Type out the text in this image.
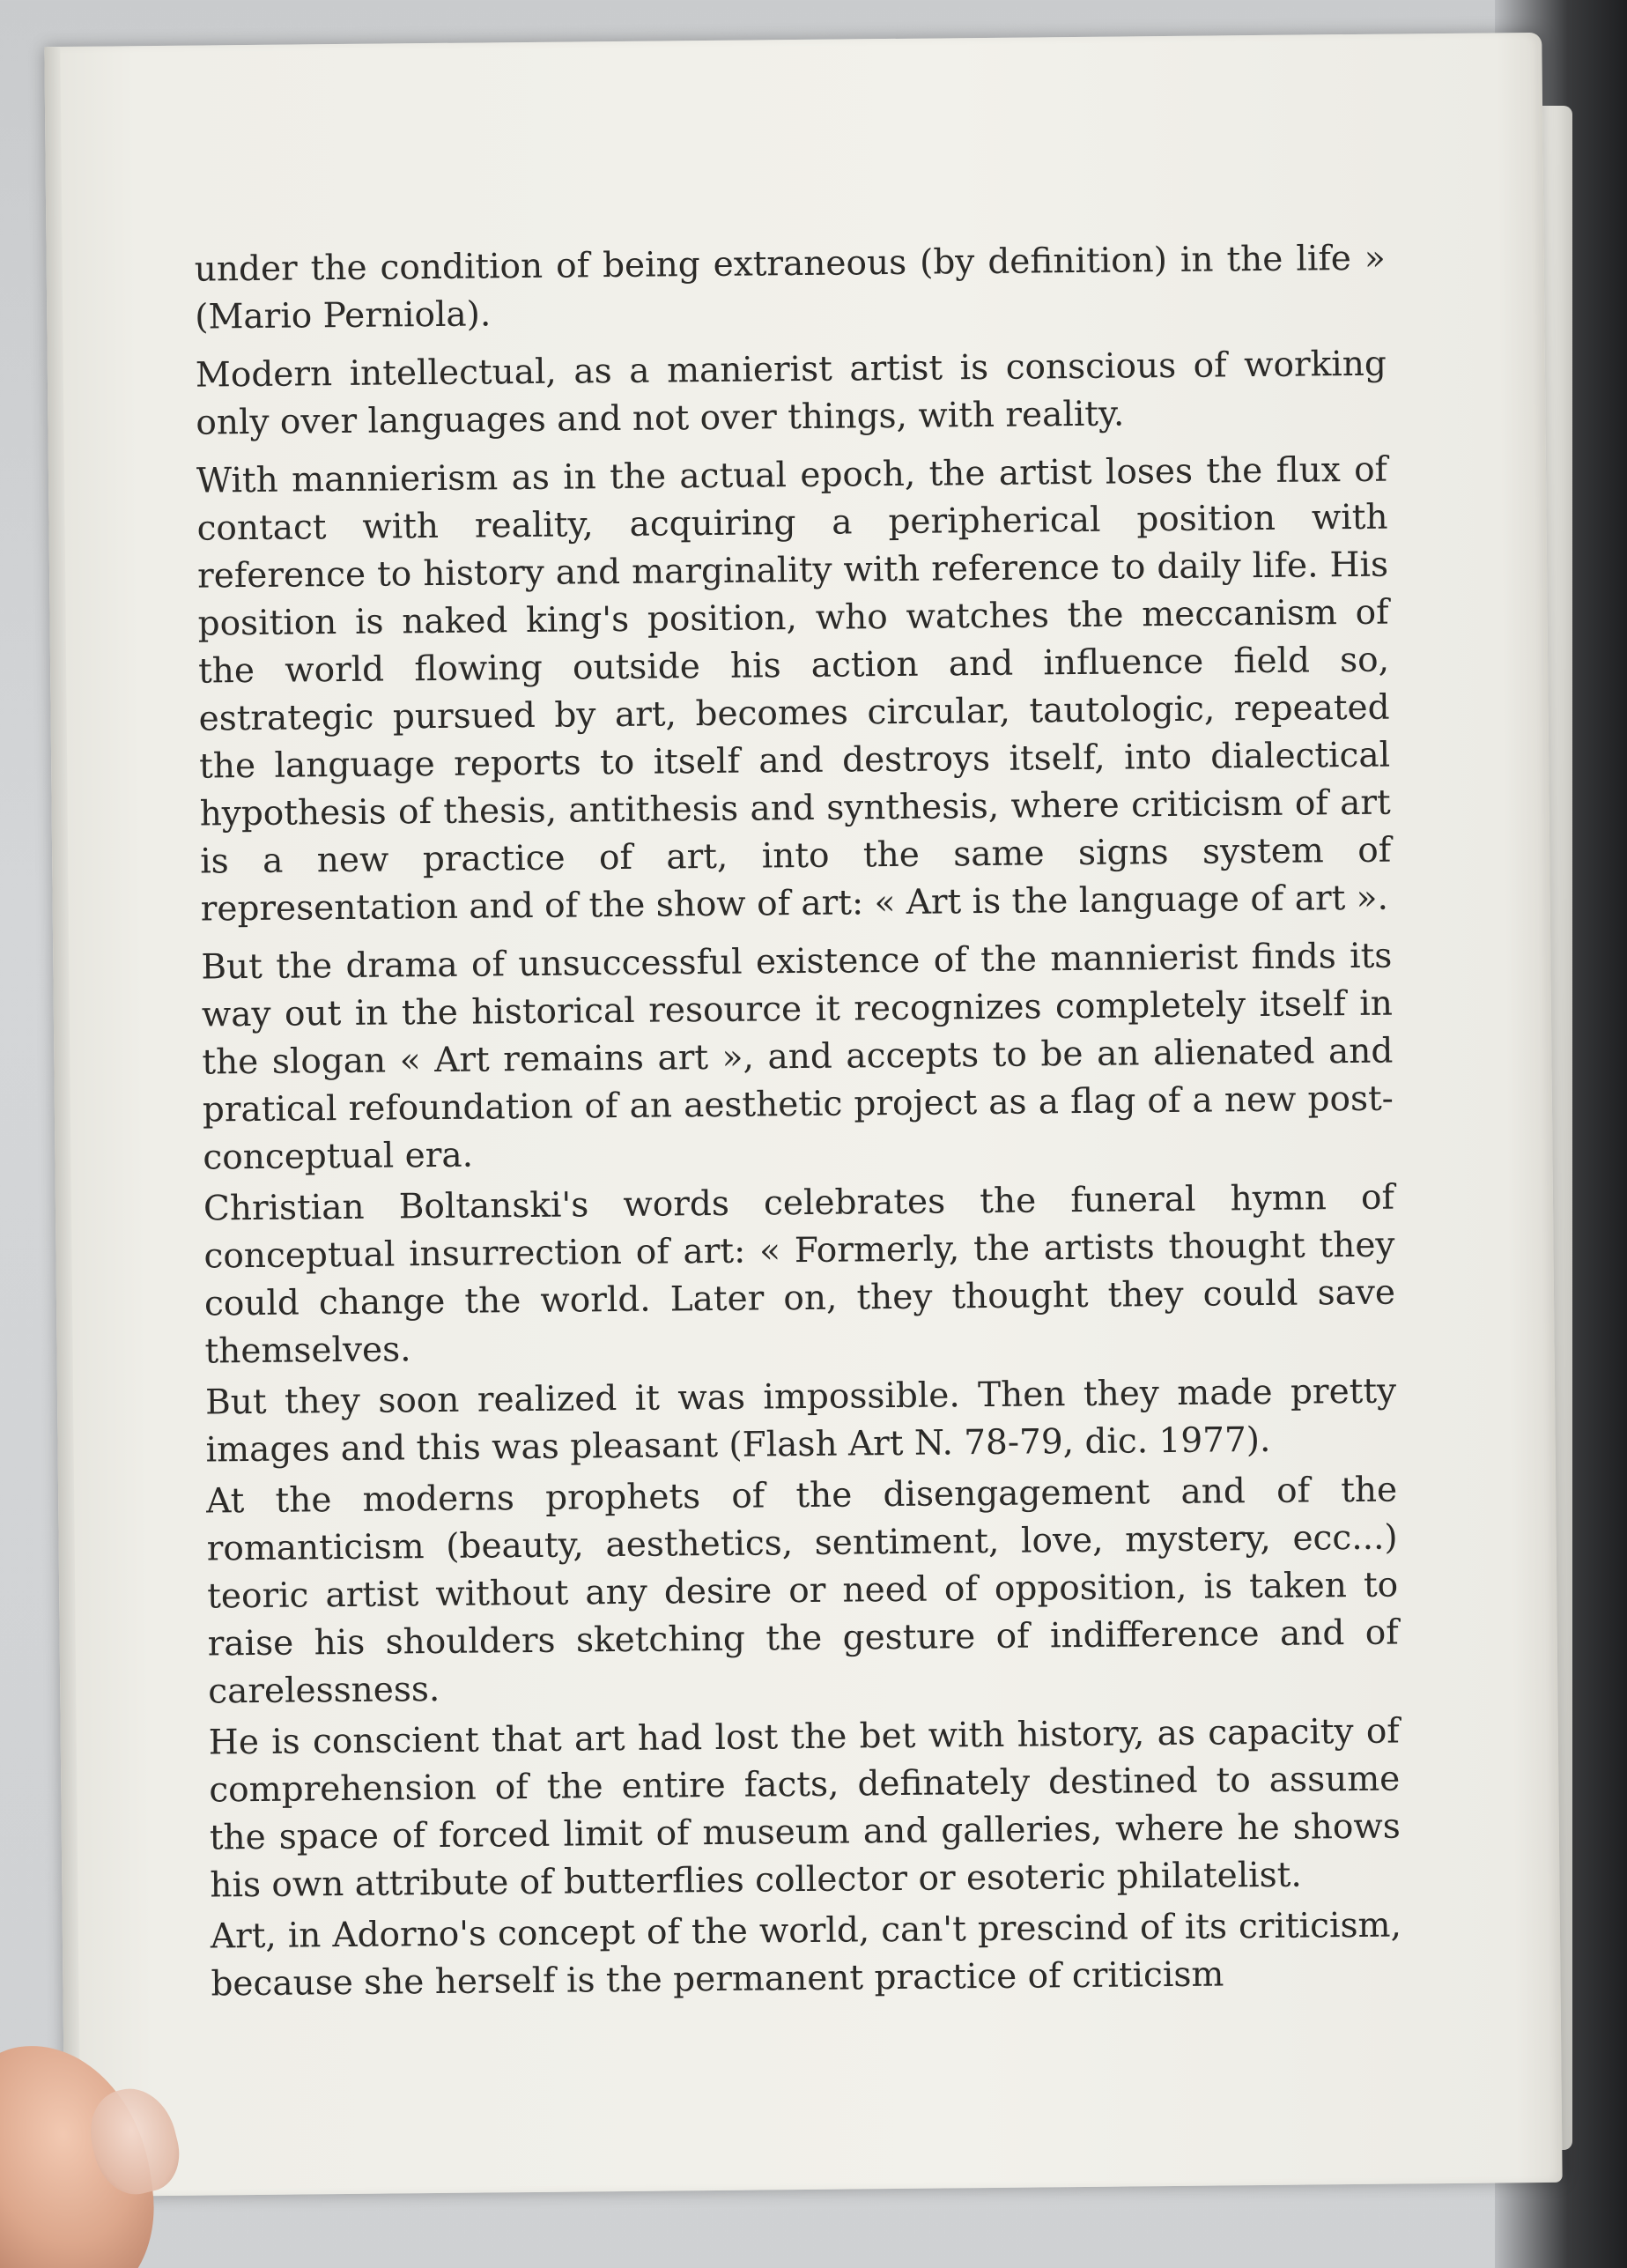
under the condition of being extraneous (by definition) in the life » (Mario Perniola).

Modern intellectual, as a manierist artist is conscious of working only over languages and not over things, with reality.

With mannierism as in the actual epoch, the artist loses the flux of contact with reality, acquiring a peripherical position with reference to history and marginality with reference to daily life. His position is naked king's position, who watches the meccanism of the world flowing outside his action and influence field so, estrategic pursued by art, becomes circular, tautologic, repeated the language reports to itself and destroys itself, into dialectical hypothesis of thesis, antithesis and synthesis, where criticism of art is a new practice of art, into the same signs system of representation and of the show of art: « Art is the language of art ».

But the drama of unsuccessful existence of the mannierist finds its way out in the historical resource it recognizes completely itself in the slogan « Art remains art », and accepts to be an alienated and pratical refoundation of an aesthetic project as a flag of a new post-conceptual era.

Christian Boltanski's words celebrates the funeral hymn of conceptual insurrection of art: « Formerly, the artists thought they could change the world. Later on, they thought they could save themselves.

But they soon realized it was impossible. Then they made pretty images and this was pleasant (Flash Art N. 78-79, dic. 1977).

At the moderns prophets of the disengagement and of the romanticism (beauty, aesthetics, sentiment, love, mystery, ecc...) teoric artist without any desire or need of opposition, is taken to raise his shoulders sketching the gesture of indifference and of carelessness.

He is conscient that art had lost the bet with history, as capacity of comprehension of the entire facts, definately destined to assume the space of forced limit of museum and galleries, where he shows his own attribute of butterflies collector or esoteric philatelist.

Art, in Adorno's concept of the world, can't prescind of its criticism, because she herself is the permanent practice of criticism
